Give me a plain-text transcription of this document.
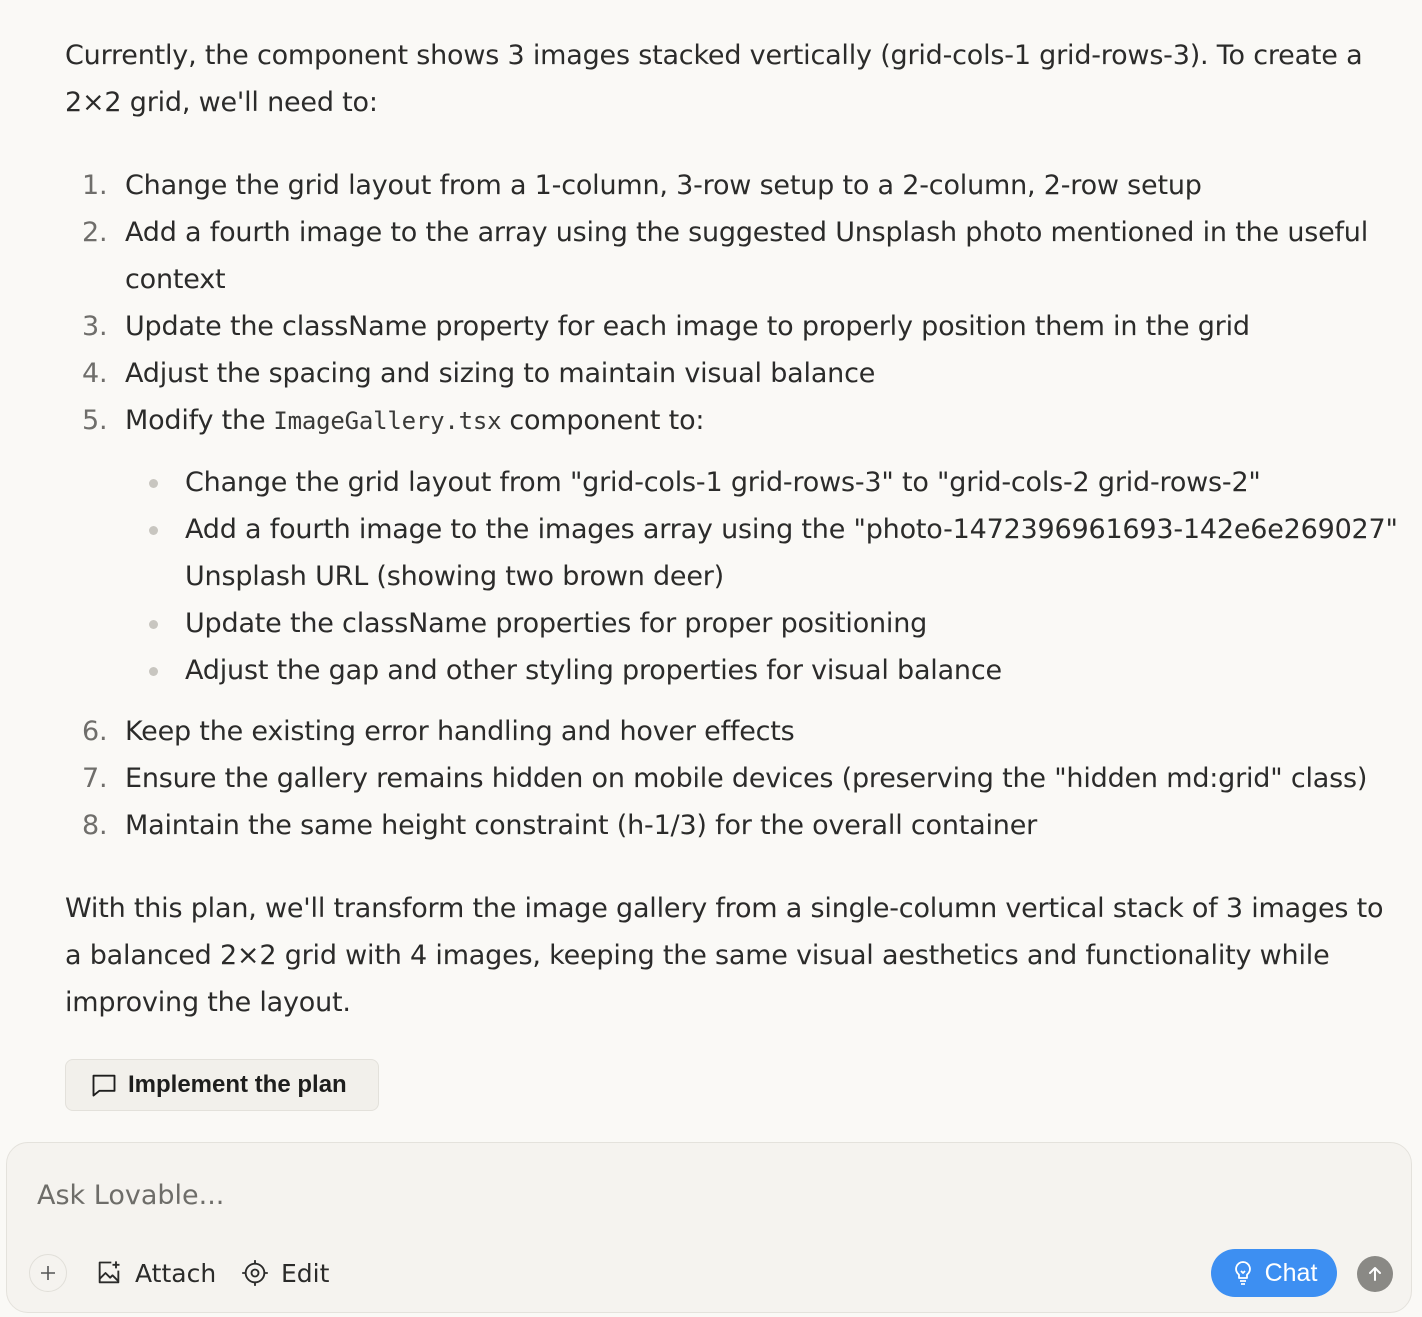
Currently, the component shows 3 images stacked vertically (grid-cols-1 grid-rows-3). To create a 2×2 grid, we'll need to:

1. Change the grid layout from a 1-column, 3-row setup to a 2-column, 2-row setup
2. Add a fourth image to the array using the suggested Unsplash photo mentioned in the useful context
3. Update the className property for each image to properly position them in the grid
4. Adjust the spacing and sizing to maintain visual balance
5. Modify the ImageGallery.tsx component to:
Change the grid layout from "grid-cols-1 grid-rows-3" to "grid-cols-2 grid-rows-2"
Add a fourth image to the images array using the "photo-1472396961693-142e6e269027" Unsplash URL (showing two brown deer)
Update the className properties for proper positioning
Adjust the gap and other styling properties for visual balance
6. Keep the existing error handling and hover effects
7. Ensure the gallery remains hidden on mobile devices (preserving the "hidden md:grid" class)
8. Maintain the same height constraint (h-1/3) for the overall container

With this plan, we'll transform the image gallery from a single-column vertical stack of 3 images to a balanced 2×2 grid with 4 images, keeping the same visual aesthetics and functionality while improving the layout.

Implement the plan
Ask Lovable...
Attach	Edit	Chat
